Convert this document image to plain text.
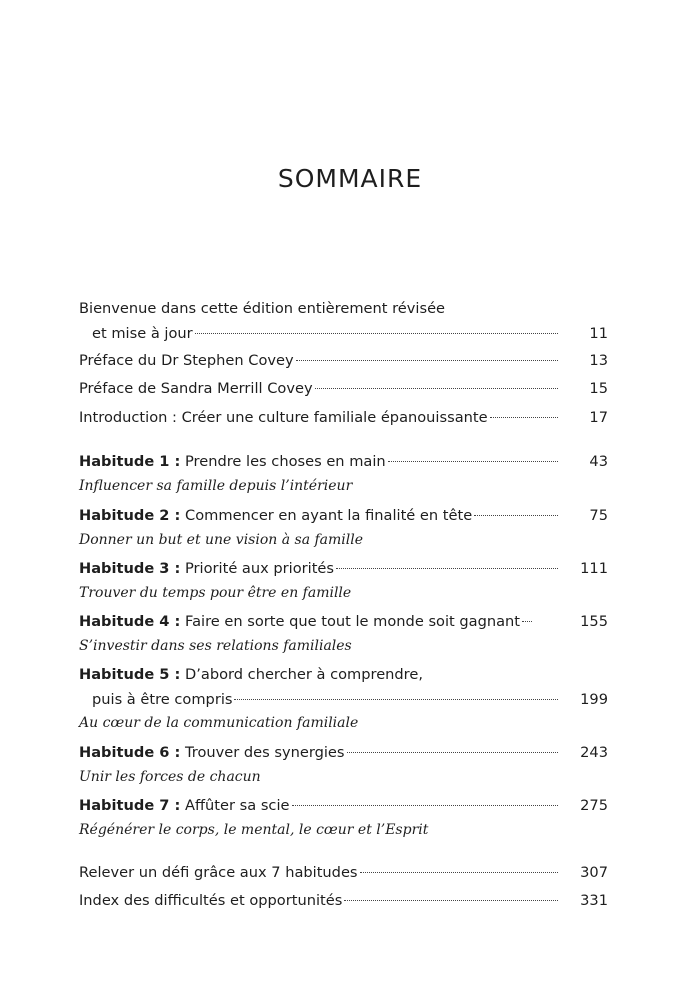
SOMMAIRE
Bienvenue dans cette édition entièrement révisée
et mise à jour	11
Préface du Dr Stephen Covey	13
Préface de Sandra Merrill Covey	15
Introduction : Créer une culture familiale épanouissante	17
Habitude 1 : Prendre les choses en main	43
Influencer sa famille depuis l’intérieur
Habitude 2 : Commencer en ayant la finalité en tête	75
Donner un but et une vision à sa famille
Habitude 3 : Priorité aux priorités	111
Trouver du temps pour être en famille
Habitude 4 : Faire en sorte que tout le monde soit gagnant	155
S’investir dans ses relations familiales
Habitude 5 : D’abord chercher à comprendre,
puis à être compris	199
Au cœur de la communication familiale
Habitude 6 : Trouver des synergies	243
Unir les forces de chacun
Habitude 7 : Affûter sa scie	275
Régénérer le corps, le mental, le cœur et l’Esprit
Relever un défi grâce aux 7 habitudes	307
Index des difficultés et opportunités	331
